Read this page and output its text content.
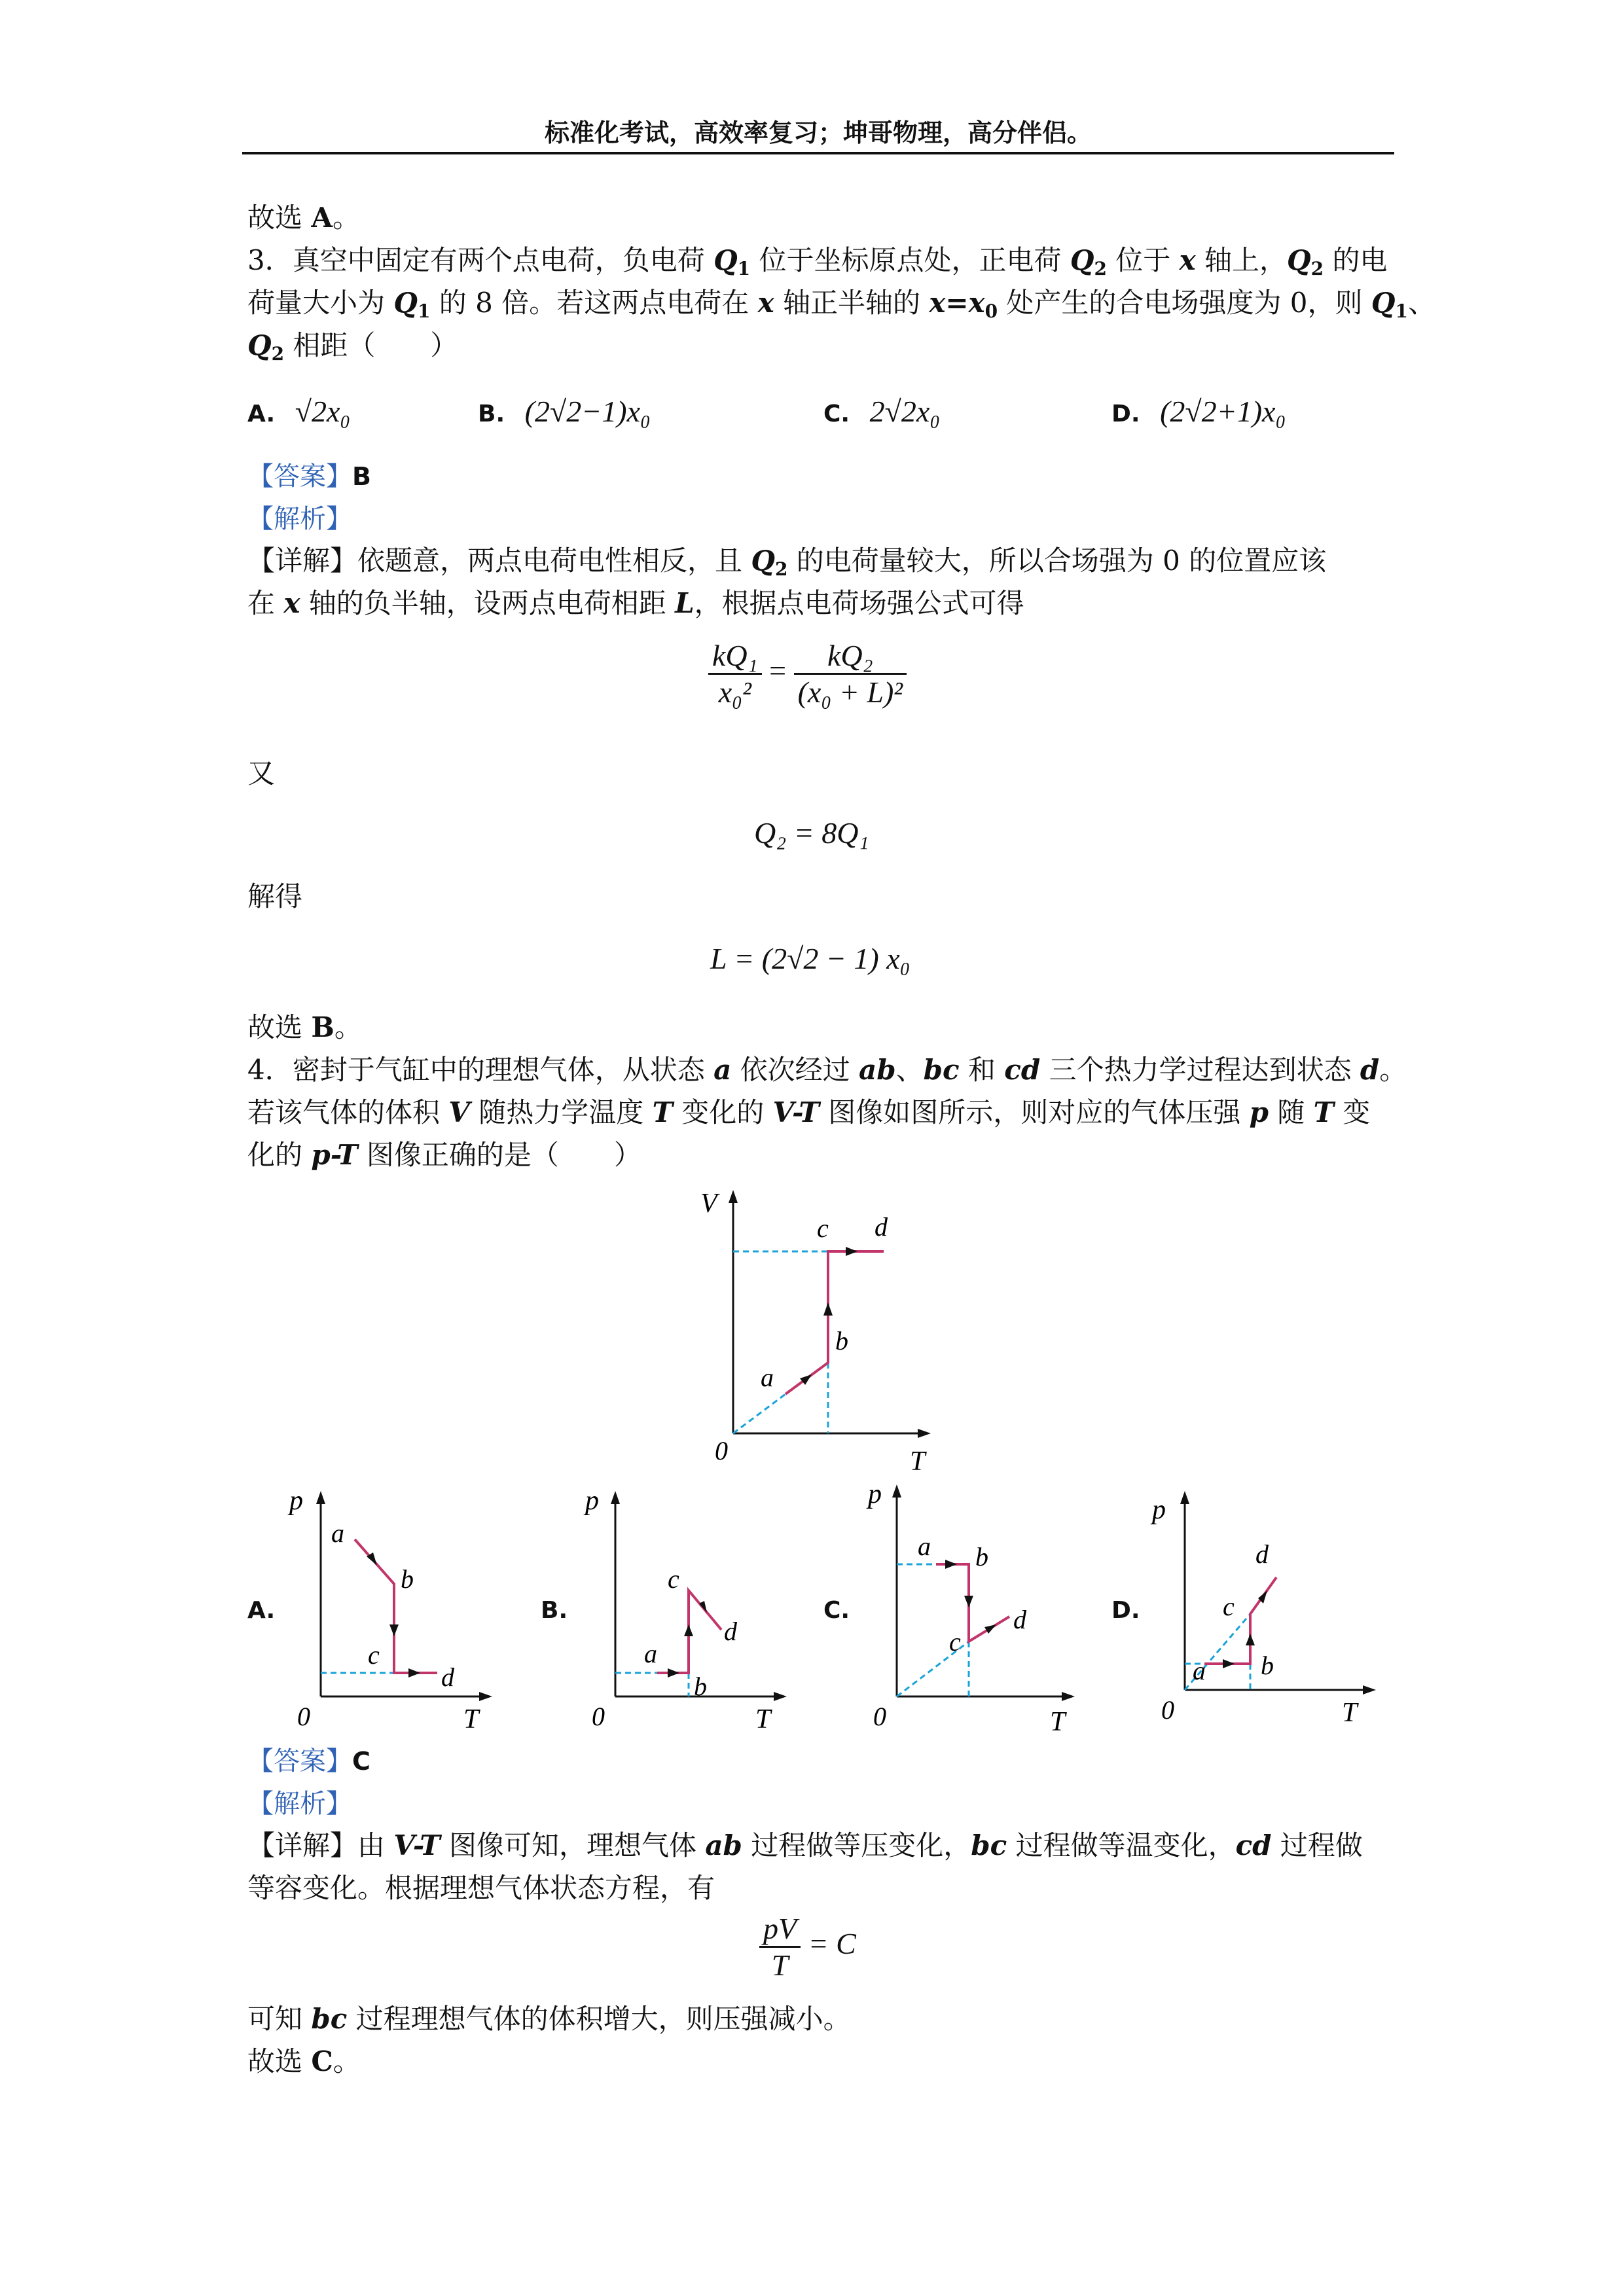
标准化考试，高效率复习；坤哥物理，高分伴侣。
故选 A。
3．真空中固定有两个点电荷，负电荷 $Q_1$ 位于坐标原点处，正电荷 $Q_2$ 位于 x 轴上，$Q_2$ 的电
荷量大小为 $Q_1$ 的 8 倍。若这两点电荷在 x 轴正半轴的 $x=x_0$ 处产生的合电场强度为 0，则 $Q_1$、
$Q_2$ 相距（　　）
A. √2x₀	B. (2√2−1)x₀	C. 2√2x₀	D. (2√2+1)x₀
【答案】B
【解析】
【详解】依题意，两点电荷电性相反，且 $Q_2$ 的电荷量较大，所以合场强为 0 的位置应该
在 x 轴的负半轴，设两点电荷相距 L，根据点电荷场强公式可得
$\frac{\text{kQ₁}}{\text{x₀²}} = \frac{\text{kQ₂}}{\text{(x₀ + L)²}}$
又
Q₂ = 8Q₁
解得
L = (2√2 − 1) x₀
故选 B。
4．密封于气缸中的理想气体，从状态 a 依次经过 ab、bc 和 cd 三个热力学过程达到状态 d。
若该气体的体积 V 随热力学温度 T 变化的 V-T 图像如图所示，则对应的气体压强 p 随 T 变
化的 p-T 图像正确的是（　　）
V
T
0
a
b
c d
A.
p
T
0
a
b
c
d
B.
p
T
0
a
b
c
d
C.
p
T
0
a b
c
d	D.
p
T
0
a b
c
d
【答案】C
【解析】
【详解】由 V-T 图像可知，理想气体 ab 过程做等压变化，bc 过程做等温变化，cd 过程做
等容变化。根据理想气体状态方程，有
$\frac{pV}{T} = C$
可知 bc 过程理想气体的体积增大，则压强减小。
故选 C。
